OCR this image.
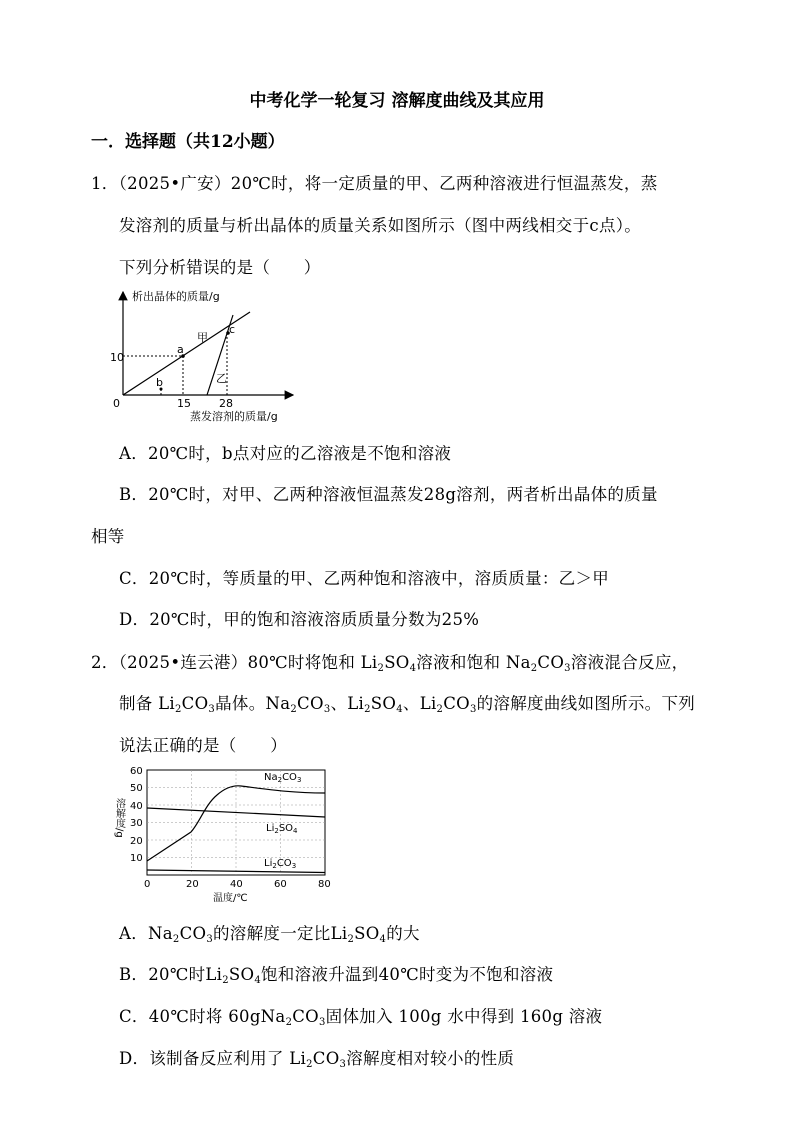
中考化学一轮复习 溶解度曲线及其应用
一．选择题（共12小题）
1．（2025•广安）20℃时，将一定质量的甲、乙两种溶液进行恒温蒸发，蒸
发溶剂的质量与析出晶体的质量关系如图所示（图中两线相交于c点）。
下列分析错误的是（　　）
析出晶体的质量/g
蒸发溶剂的质量/g
0	15	28
10
a
b
c
甲
乙
A．20℃时，b点对应的乙溶液是不饱和溶液
B．20℃时，对甲、乙两种溶液恒温蒸发28g溶剂，两者析出晶体的质量
相等
C．20℃时，等质量的甲、乙两种饱和溶液中，溶质质量：乙＞甲
D．20℃时，甲的饱和溶液溶质质量分数为25%
2．（2025•连云港）80℃时将饱和 $Li_2SO_4$溶液和饱和 $Na_2CO_3$溶液混合反应，
制备 $Li_2CO_3$晶体。$Na_2CO_3$、$Li_2SO_4$、$Li_2CO_3$的溶解度曲线如图所示。下列
说法正确的是（　　）
60
50
40
30
20
10
0	20	40	60	80
温度/℃
溶解度/g
$Na_2CO_3$
$Li_2SO_4$
$Li_2CO_3$
A．$Na_2CO_3$的溶解度一定比$Li_2SO_4$的大
B．20℃时$Li_2SO_4$饱和溶液升温到40℃时变为不饱和溶液
C．40℃时将 $60gNa_2CO_3$固体加入 100g 水中得到 160g 溶液
D．该制备反应利用了 $Li_2CO_3$溶解度相对较小的性质
